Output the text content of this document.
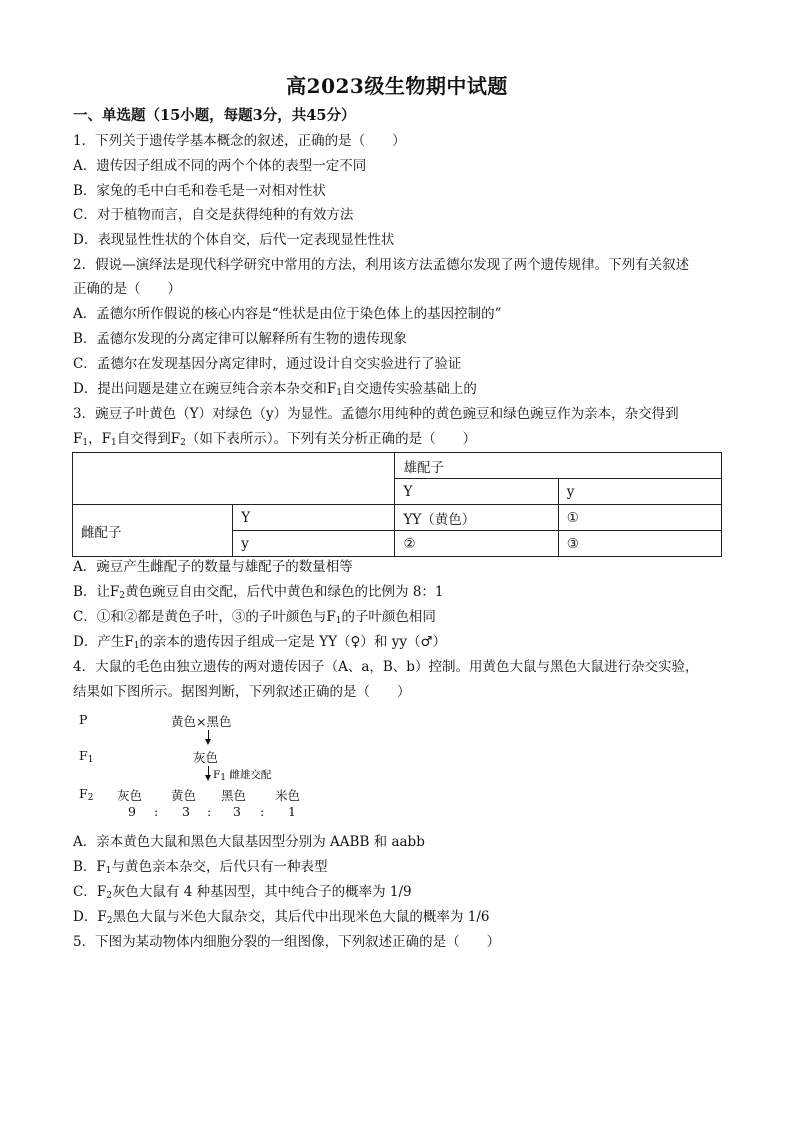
高2023级生物期中试题
一、单选题（15小题，每题3分，共45分）
1．下列关于遗传学基本概念的叙述，正确的是（　　）
A．遗传因子组成不同的两个个体的表型一定不同
B．家兔的毛中白毛和卷毛是一对相对性状
C．对于植物而言，自交是获得纯种的有效方法
D．表现显性性状的个体自交，后代一定表现显性性状
2．假说—演绎法是现代科学研究中常用的方法，利用该方法孟德尔发现了两个遗传规律。下列有关叙述
正确的是（　　）
A．孟德尔所作假说的核心内容是“性状是由位于染色体上的基因控制的”
B．孟德尔发现的分离定律可以解释所有生物的遗传现象
C．孟德尔在发现基因分离定律时，通过设计自交实验进行了验证
D．提出问题是建立在豌豆纯合亲本杂交和$F_1$自交遗传实验基础上的
3．豌豆子叶黄色（Y）对绿色（y）为显性。孟德尔用纯种的黄色豌豆和绿色豌豆作为亲本，杂交得到
$F_1$，$F_1$自交得到$F_2$（如下表所示）。下列有关分析正确的是（　　）
		雄配子	
		Y	y
雌配子	Y	YY（黄色）	①
	y	②	③
A．豌豆产生雌配子的数量与雄配子的数量相等
B．让$F_2$黄色豌豆自由交配，后代中黄色和绿色的比例为 8：1
C．①和②都是黄色子叶，③的子叶颜色与$F_1$的子叶颜色相同
D．产生$F_1$的亲本的遗传因子组成一定是 YY（♀）和 yy（♂）
4．大鼠的毛色由独立遗传的两对遗传因子（A、a，B、b）控制。用黄色大鼠与黑色大鼠进行杂交实验，
结果如下图所示。据图判断，下列叙述正确的是（　　）
P	黄色×黑色
$F_1$	灰色
$F_1$ 雌雄交配
$F_2$ 灰色 黄色 黑色 米色
9 : 3 : 3 : 1
A．亲本黄色大鼠和黑色大鼠基因型分别为 AABB 和 aabb
B．$F_1$与黄色亲本杂交，后代只有一种表型
C．$F_2$灰色大鼠有 4 种基因型，其中纯合子的概率为 1/9
D．$F_2$黑色大鼠与米色大鼠杂交，其后代中出现米色大鼠的概率为 1/6
5．下图为某动物体内细胞分裂的一组图像，下列叙述正确的是（　　）
